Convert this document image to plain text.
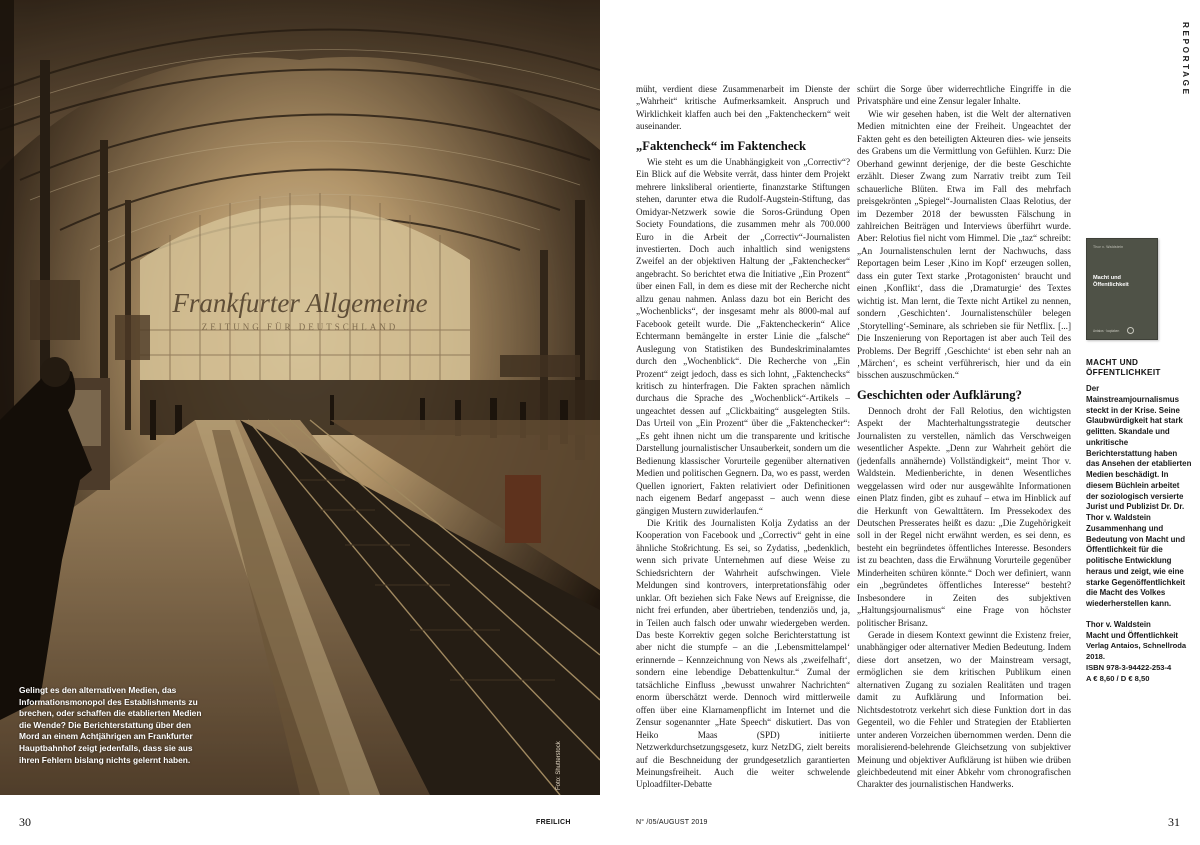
Frankfurter Allgemeine
ZEITUNG FÜR DEUTSCHLAND
Gelingt es den alternativen Medien, das Informationsmonopol des Establishments zu brechen, oder schaffen die etablierten Medien die Wende? Die Berichterstattung über den Mord an einem Achtjährigen am Frankfurter Hauptbahnhof zeigt jedenfalls, dass sie aus ihren Fehlern bislang nichts gelernt haben.	Foto: Shutterstock

müht, verdient diese Zusammenarbeit im Dienste der „Wahrheit“ kritische Aufmerksamkeit. Anspruch und Wirklichkeit klaffen auch bei den „Faktencheckern“ weit auseinander.

„Faktencheck“ im Faktencheck

Wie steht es um die Unabhängigkeit von „Correctiv“? Ein Blick auf die Website verrät, dass hinter dem Projekt mehrere linksliberal orientierte, finanzstarke Stiftungen stehen, darunter etwa die Rudolf-Augstein-Stiftung, das Omidyar-Netzwerk sowie die Soros-Gründung Open Society Foundations, die zusammen mehr als 700.000 Euro in die Arbeit der „Correctiv“-Journalisten investierten. Doch auch inhaltlich sind wenigstens Zweifel an der objektiven Haltung der „Faktenchecker“ angebracht. So berichtet etwa die Initiative „Ein Prozent“ über einen Fall, in dem es diese mit der Recherche nicht allzu genau nahmen. Anlass dazu bot ein Bericht des „Wochenblicks“, der insgesamt mehr als 8000-mal auf Facebook geteilt wurde. Die „Faktencheckerin“ Alice Echtermann bemängelte in erster Linie die „falsche“ Auslegung von Statistiken des Bundeskriminalamtes durch den „Wochenblick“. Die Recherche von „Ein Prozent“ zeigt jedoch, dass es sich lohnt, „Faktenchecks“ kritisch zu hinterfragen. Die Fakten sprachen nämlich durchaus die Sprache des „Wochenblick“-Artikels – ungeachtet dessen auf „Clickbaiting“ ausgelegten Stils. Das Urteil von „Ein Prozent“ über die „Faktenchecker“: „Es geht ihnen nicht um die transparente und kritische Darstellung journalistischer Unsauberkeit, sondern um die Bedienung klassischer Vorurteile gegenüber alternativen Medien und politischen Gegnern. Da, wo es passt, werden Quellen ignoriert, Fakten relativiert oder Definitionen nach eigenem Bedarf angepasst – auch wenn diese gängigen Mustern zuwiderlaufen.“

Die Kritik des Journalisten Kolja Zydatiss an der Kooperation von Facebook und „Correctiv“ geht in eine ähnliche Stoßrichtung. Es sei, so Zydatiss, „bedenklich, wenn sich private Unternehmen auf diese Weise zu Schiedsrichtern der Wahrheit aufschwingen. Viele Meldungen sind kontrovers, interpretationsfähig oder unklar. Oft beziehen sich Fake News auf Ereignisse, die nicht frei erfunden, aber übertrieben, tendenziös und, ja, in Teilen auch falsch oder unwahr wiedergeben werden. Das beste Korrektiv gegen solche Berichterstattung ist aber nicht die stumpfe – an die ‚Lebensmittelampel‘ erinnernde – Kennzeichnung von News als ‚zweifelhaft‘, sondern eine lebendige Debattenkultur.“ Zumal der tatsächliche Einfluss „bewusst unwahrer Nachrichten“ enorm überschätzt werde. Dennoch wird mittlerweile offen über eine Klarnamenpflicht im Internet und die Zensur sogenannter „Hate Speech“ diskutiert. Das von Heiko Maas (SPD) initiierte Netzwerkdurchsetzungsgesetz, kurz NetzDG, zielt bereits auf die Beschneidung der grundgesetzlich garantierten Meinungsfreiheit. Auch die weiter schwelende Uploadfilter-Debatte

schürt die Sorge über widerrechtliche Eingriffe in die Privatsphäre und eine Zensur legaler Inhalte.

Wie wir gesehen haben, ist die Welt der alternativen Medien mitnichten eine der Freiheit. Ungeachtet der Fakten geht es den beteiligten Akteuren dies- wie jenseits des Grabens um die Vermittlung von Gefühlen. Kurz: Die Oberhand gewinnt derjenige, der die beste Geschichte erzählt. Dieser Zwang zum Narrativ treibt zum Teil schauerliche Blüten. Etwa im Fall des mehrfach preisgekrönten „Spiegel“-Journalisten Claas Relotius, der im Dezember 2018 der bewussten Fälschung in zahlreichen Beiträgen und Interviews überführt wurde. Aber: Relotius fiel nicht vom Himmel. Die „taz“ schreibt: „An Journalistenschulen lernt der Nachwuchs, dass Reportagen beim Leser ‚Kino im Kopf‘ erzeugen sollen, dass ein guter Text starke ‚Protagonisten‘ braucht und einen ‚Konflikt‘, dass die ‚Dramaturgie‘ des Textes wichtig ist. Man lernt, die Texte nicht Artikel zu nennen, sondern ‚Geschichten‘. Journalistenschüler belegen ‚Storytelling‘-Seminare, als schrieben sie für Netflix. [...] Die Inszenierung von Reportagen ist aber auch Teil des Problems. Der Begriff ‚Geschichte‘ ist eben sehr nah an ‚Märchen‘, es scheint verführerisch, hier und da ein bisschen auszuschmücken.“

Geschichten oder Aufklärung?

Dennoch droht der Fall Relotius, den wichtigsten Aspekt der Machterhaltungsstrategie deutscher Journalisten zu verstellen, nämlich das Verschweigen wesentlicher Aspekte. „Denn zur Wahrheit gehört die (jedenfalls annähernde) Vollständigkeit“, meint Thor v. Waldstein. Medienberichte, in denen Wesentliches weggelassen wird oder nur ausgewählte Informationen einen Platz finden, gibt es zuhauf – etwa im Hinblick auf die Herkunft von Gewalttätern. Im Pressekodex des Deutschen Presserates heißt es dazu: „Die Zugehörigkeit soll in der Regel nicht erwähnt werden, es sei denn, es besteht ein begründetes öffentliches Interesse. Besonders ist zu beachten, dass die Erwähnung Vorurteile gegenüber Minderheiten schüren könnte.“ Doch wer definiert, wann ein „begründetes öffentliches Interesse“ besteht? Insbesondere in Zeiten des subjektiven „Haltungsjournalismus“ eine Frage von höchster politischer Brisanz.

Gerade in diesem Kontext gewinnt die Existenz freier, unabhängiger oder alternativer Medien Bedeutung. Indem diese dort ansetzen, wo der Mainstream versagt, ermöglichen sie dem kritischen Publikum einen alternativen Zugang zu sozialen Realitäten und tragen damit zu Aufklärung und Information bei. Nichtsdestotrotz verkehrt sich diese Funktion dort in das Gegenteil, wo die Fehler und Strategien der Etablierten unter anderen Vorzeichen übernommen werden. Denn die moralisierend-belehrende Gleichsetzung von subjektiver Meinung und objektiver Aufklärung ist hüben wie drüben gleichbedeutend mit einer Abkehr vom chronografischen Charakter des journalistischen Handwerks.

REPORTAGE
Thor v. Waldstein
Macht und Öffentlichkeit
Antaios · kaplaken
MACHT UND ÖFFENTLICHKEIT
Der Mainstreamjournalismus steckt in der Krise. Seine Glaubwürdigkeit hat stark gelitten. Skandale und unkritische Berichterstattung haben das Ansehen der etablierten Medien beschädigt. In diesem Büchlein arbeitet der soziologisch versierte Jurist und Publizist Dr. Dr. Thor v. Waldstein Zusammenhang und Bedeutung von Macht und Öffentlichkeit für die politische Entwicklung heraus und zeigt, wie eine starke Gegenöffentlichkeit die Macht des Volkes wiederherstellen kann.
Thor v. Waldstein
Macht und Öffentlichkeit
Verlag Antaios, Schnellroda 2018.
ISBN 978-3-94422-253-4
A € 8,60 / D € 8,50
30	FREILICH	N° /05/AUGUST 2019	31
